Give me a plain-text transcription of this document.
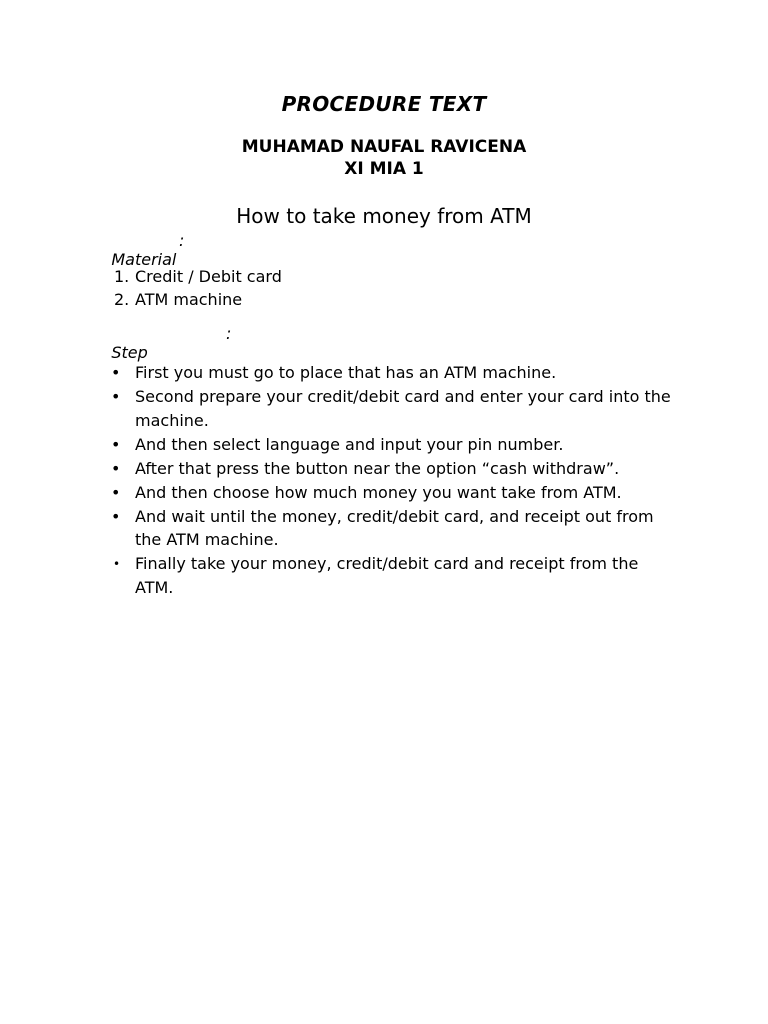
PROCEDURE TEXT
MUHAMAD NAUFAL RAVICENA
XI MIA 1
How to take money from ATM

Material

:

1. Credit / Debit card
2. ATM machine

Step

:

• First you must go to place that has an ATM machine.
• Second prepare your credit/debit card and enter your card into the machine.
• And then select language and input your pin number.
• After that press the button near the option “cash withdraw”.
• And then choose how much money you want take from ATM.
• And wait until the money, credit/debit card, and receipt out from the ATM machine.
• Finally take your money, credit/debit card and receipt from the ATM.
